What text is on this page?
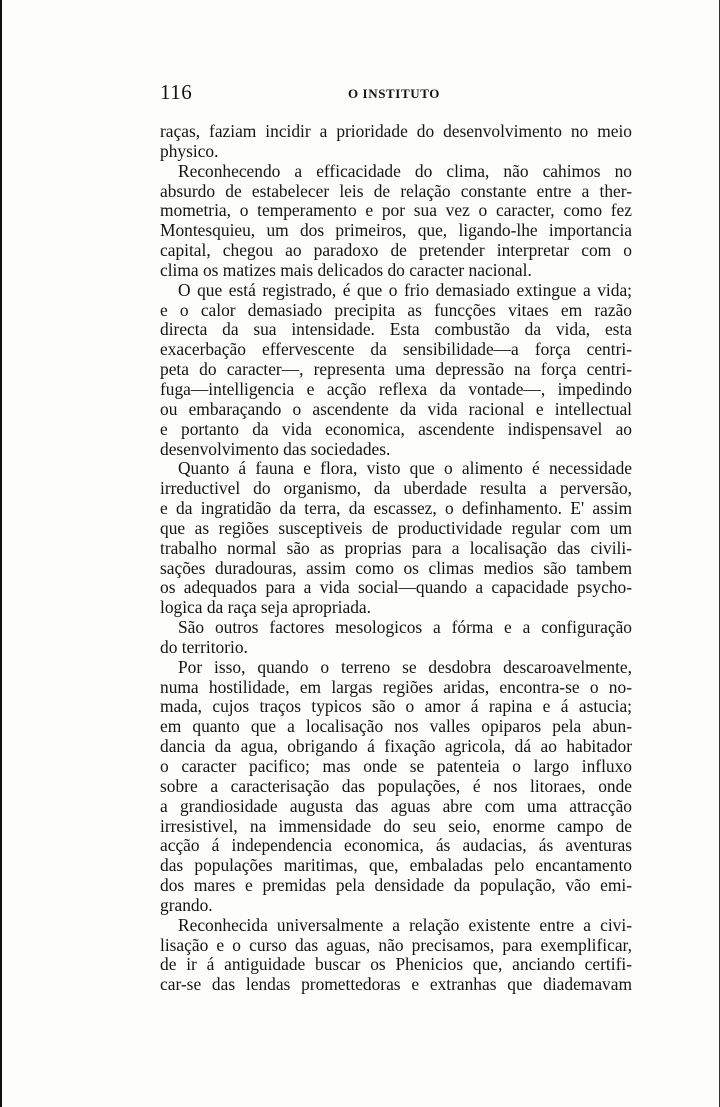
116	O INSTITUTO
raças, faziam incidir a prioridade do desenvolvimento no meio
physico.
Reconhecendo a efficacidade do clima, não cahimos no
absurdo de estabelecer leis de relação constante entre a ther-
mometria, o temperamento e por sua vez o caracter, como fez
Montesquieu, um dos primeiros, que, ligando-lhe importancia
capital, chegou ao paradoxo de pretender interpretar com o
clima os matizes mais delicados do caracter nacional.
O que está registrado, é que o frio demasiado extingue a vida;
e o calor demasiado precipita as funcções vitaes em razão
directa da sua intensidade. Esta combustão da vida, esta
exacerbação effervescente da sensibilidade—a força centri-
peta do caracter—, representa uma depressão na força centri-
fuga—intelligencia e acção reflexa da vontade—, impedindo
ou embaraçando o ascendente da vida racional e intellectual
e portanto da vida economica, ascendente indispensavel ao
desenvolvimento das sociedades.
Quanto á fauna e flora, visto que o alimento é necessidade
irreductivel do organismo, da uberdade resulta a perversão,
e da ingratidão da terra, da escassez, o definhamento. E' assim
que as regiões susceptiveis de productividade regular com um
trabalho normal são as proprias para a localisação das civili-
sações duradouras, assim como os climas medios são tambem
os adequados para a vida social—quando a capacidade psycho-
logica da raça seja apropriada.
São outros factores mesologicos a fórma e a configuração
do territorio.
Por isso, quando o terreno se desdobra descaroavelmente,
numa hostilidade, em largas regiões aridas, encontra-se o no-
mada, cujos traços typicos são o amor á rapina e á astucia;
em quanto que a localisação nos valles opiparos pela abun-
dancia da agua, obrigando á fixação agricola, dá ao habitador
o caracter pacifico; mas onde se patenteia o largo influxo
sobre a caracterisação das populações, é nos litoraes, onde
a grandiosidade augusta das aguas abre com uma attracção
irresistivel, na immensidade do seu seio, enorme campo de
acção á independencia economica, ás audacias, ás aventuras
das populações maritimas, que, embaladas pelo encantamento
dos mares e premidas pela densidade da população, vão emi-
grando.
Reconhecida universalmente a relação existente entre a civi-
lisação e o curso das aguas, não precisamos, para exemplificar,
de ir á antiguidade buscar os Phenicios que, anciando certifi-
car-se das lendas promettedoras e extranhas que diademavam
